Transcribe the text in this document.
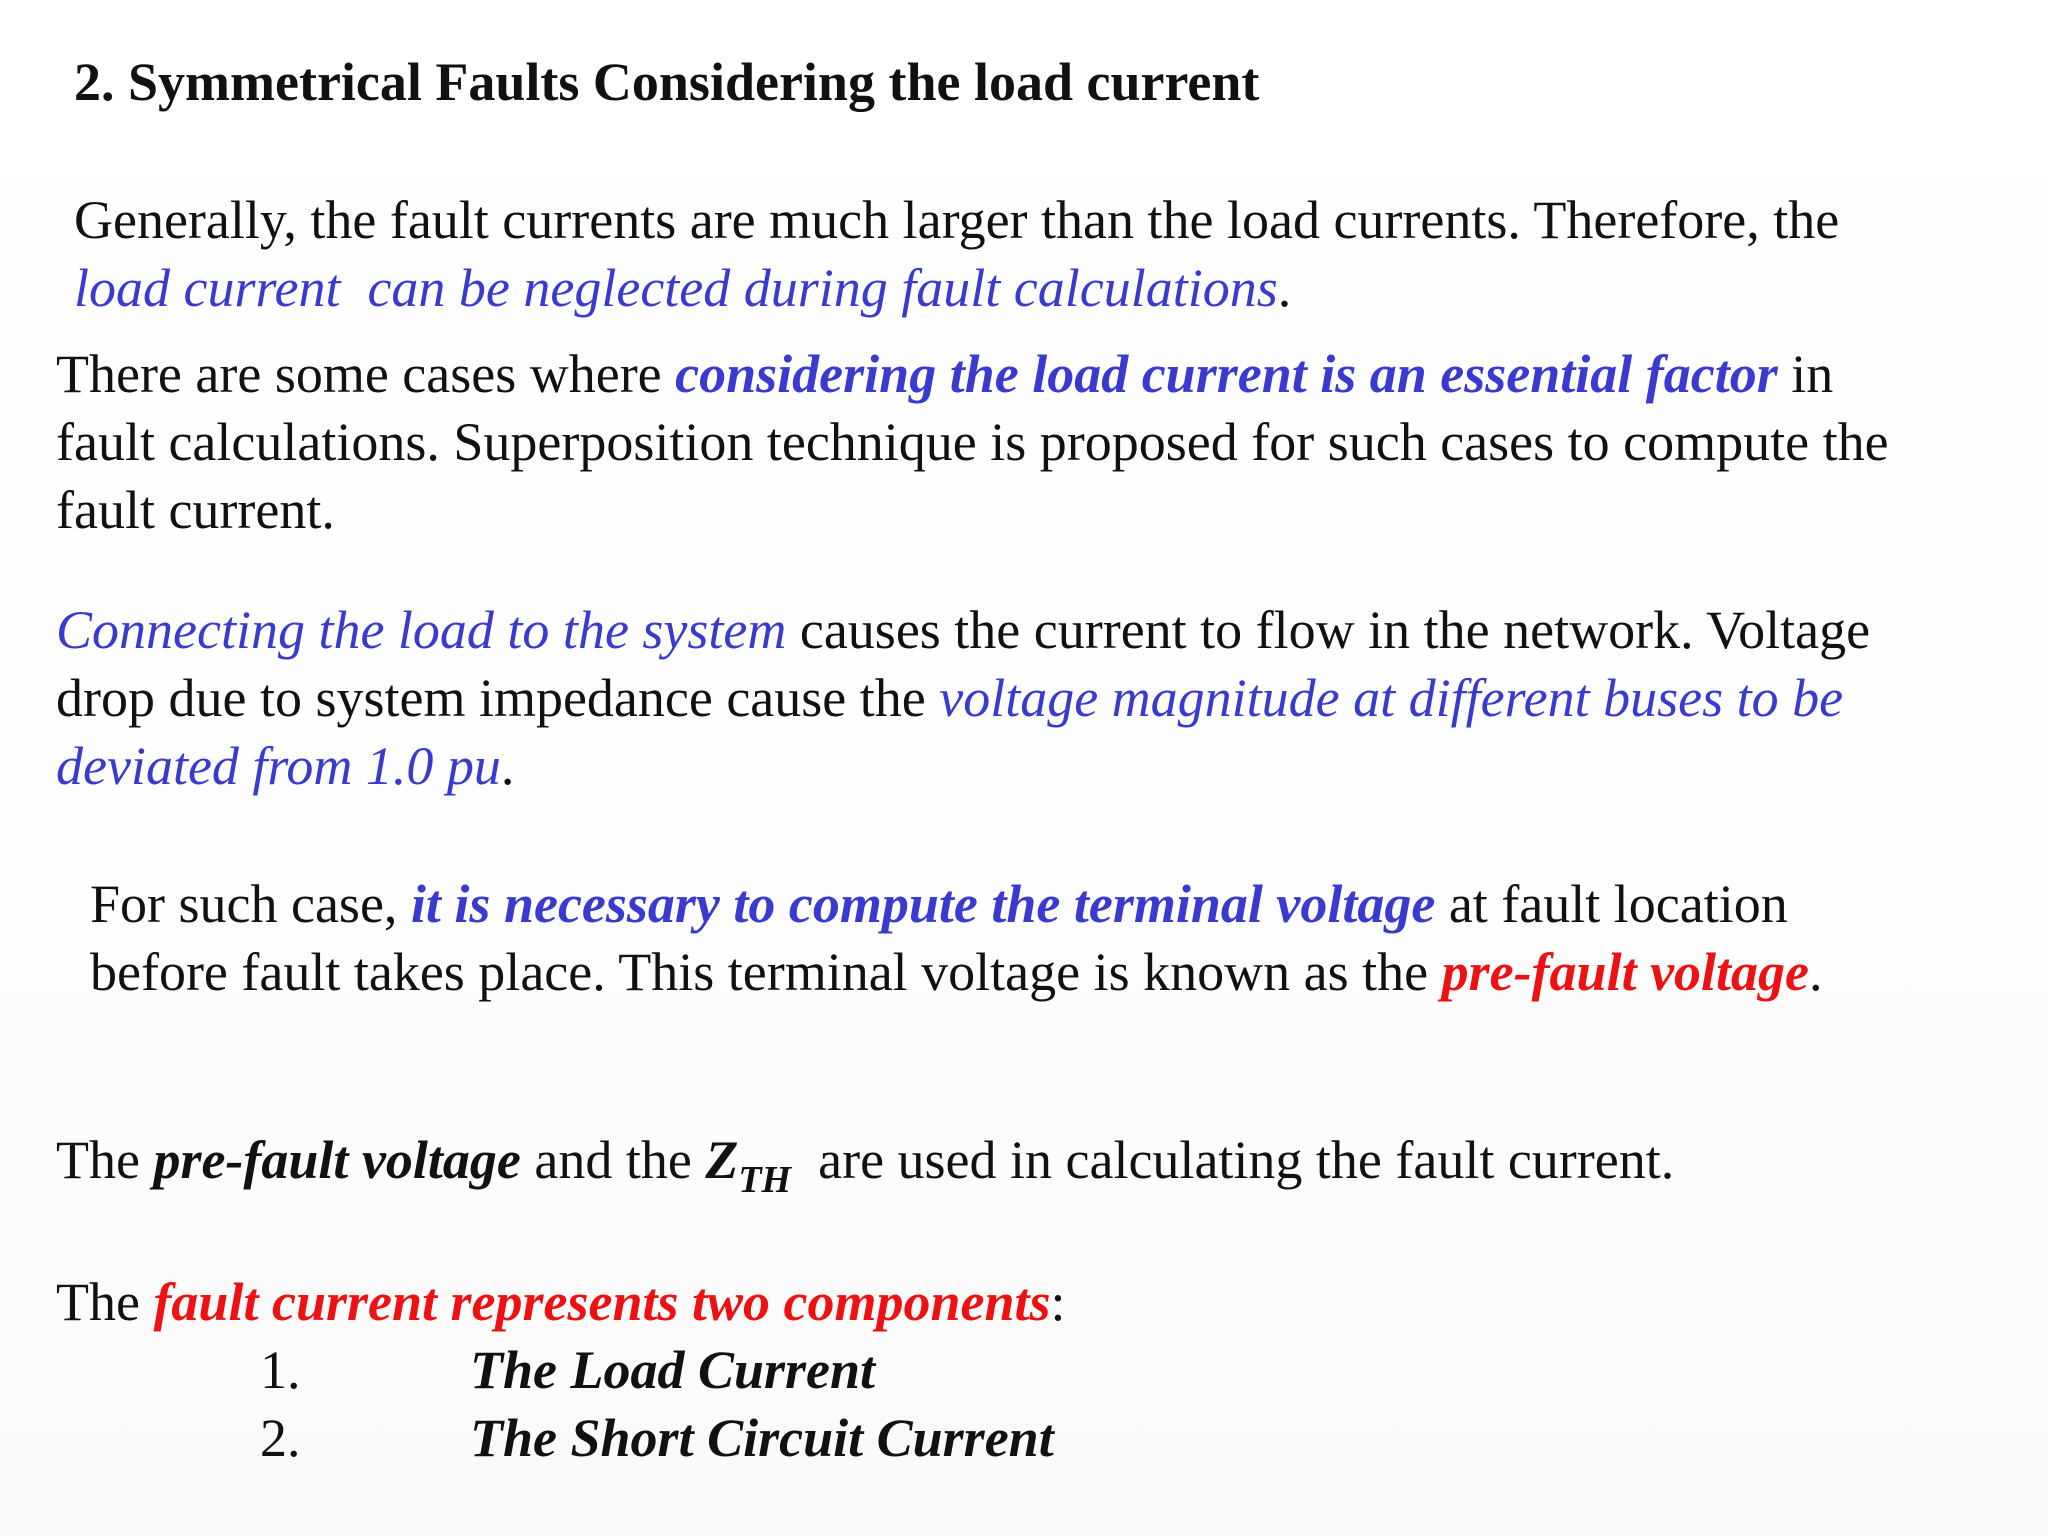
2. Symmetrical Faults Considering the load current
Generally, the fault currents are much larger than the load currents. Therefore, the
load current  can be neglected during fault calculations.
There are some cases where considering the load current is an essential factor in
fault calculations. Superposition technique is proposed for such cases to compute the
fault current.
Connecting the load to the system causes the current to flow in the network. Voltage
drop due to system impedance cause the voltage magnitude at different buses to be
deviated from 1.0 pu.
For such case, it is necessary to compute the terminal voltage at fault location
before fault takes place. This terminal voltage is known as the pre-fault voltage.
The pre-fault voltage and the $Z_{TH}$  are used in calculating the fault current.
The fault current represents two components:
1.	The Load Current
2.	The Short Circuit Current
